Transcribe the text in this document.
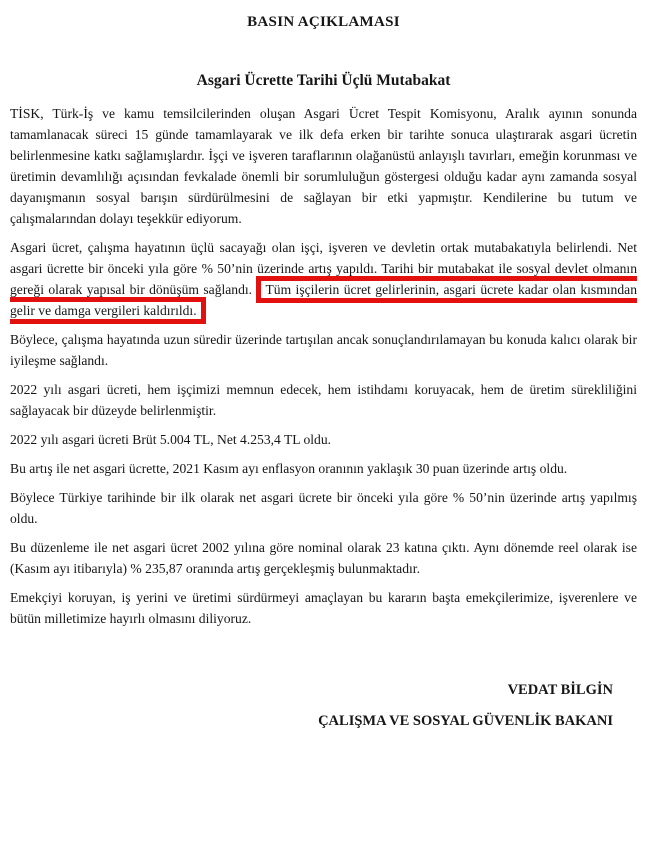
BASIN AÇIKLAMASI
Asgari Ücrette Tarihi Üçlü Mutabakat

TİSK, Türk-İş ve kamu temsilcilerinden oluşan Asgari Ücret Tespit Komisyonu, Aralık ayının sonunda tamamlanacak süreci 15 günde tamamlayarak ve ilk defa erken bir tarihte sonuca ulaştırarak asgari ücretin belirlenmesine katkı sağlamışlardır. İşçi ve işveren taraflarının olağanüstü anlayışlı tavırları, emeğin korunması ve üretimin devamlılığı açısından fevkalade önemli bir sorumluluğun göstergesi olduğu kadar aynı zamanda sosyal dayanışmanın sosyal barışın sürdürülmesini de sağlayan bir etki yapmıştır. Kendilerine bu tutum ve çalışmalarından dolayı teşekkür ediyorum.

Asgari ücret, çalışma hayatının üçlü sacayağı olan işçi, işveren ve devletin ortak mutabakatıyla belirlendi. Net asgari ücrette bir önceki yıla göre % 50’nin üzerinde artış yapıldı. Tarihi bir mutabakat ile sosyal devlet olmanın gereği olarak yapısal bir dönüşüm sağlandı. Tüm işçilerin ücret gelirlerinin, asgari ücrete kadar olan kısmından gelir ve damga vergileri kaldırıldı.

Böylece, çalışma hayatında uzun süredir üzerinde tartışılan ancak sonuçlandırılamayan bu konuda kalıcı olarak bir iyileşme sağlandı.

2022 yılı asgari ücreti, hem işçimizi memnun edecek, hem istihdamı koruyacak, hem de üretim sürekliliğini sağlayacak bir düzeyde belirlenmiştir.

2022 yılı asgari ücreti Brüt 5.004 TL, Net 4.253,4 TL oldu.

Bu artış ile net asgari ücrette, 2021 Kasım ayı enflasyon oranının yaklaşık 30 puan üzerinde artış oldu.

Böylece Türkiye tarihinde bir ilk olarak net asgari ücrete bir önceki yıla göre % 50’nin üzerinde artış yapılmış oldu.

Bu düzenleme ile net asgari ücret 2002 yılına göre nominal olarak 23 katına çıktı. Aynı dönemde reel olarak ise (Kasım ayı itibarıyla) % 235,87 oranında artış gerçekleşmiş bulunmaktadır.

Emekçiyi koruyan, iş yerini ve üretimi sürdürmeyi amaçlayan bu kararın başta emekçilerimize, işverenlere ve bütün milletimize hayırlı olmasını diliyoruz.

VEDAT BİLGİN
ÇALIŞMA VE SOSYAL GÜVENLİK BAKANI
